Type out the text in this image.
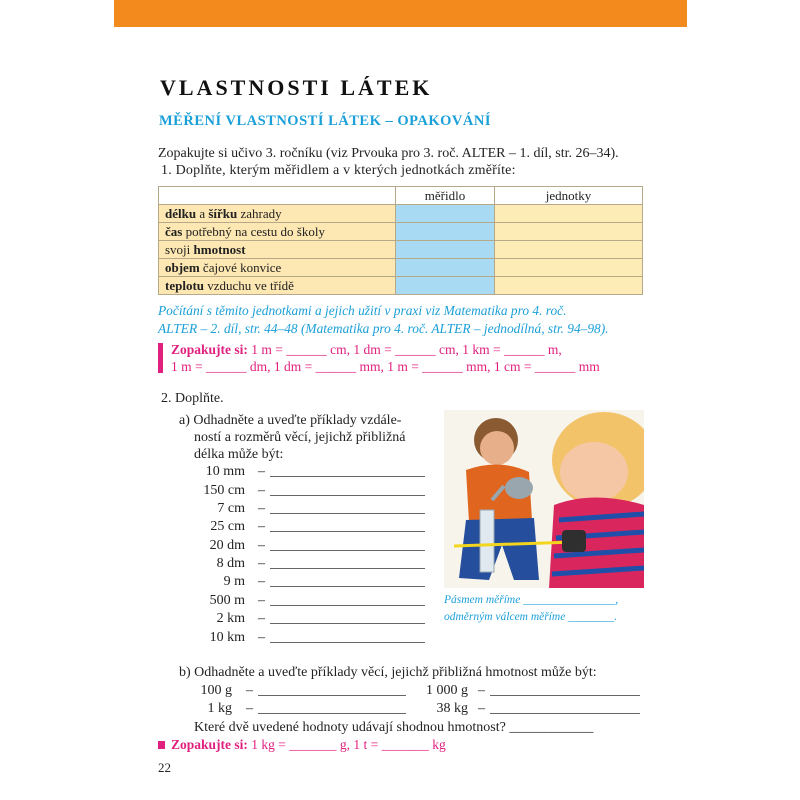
VLASTNOSTI LÁTEK
MĚŘENÍ VLASTNOSTÍ LÁTEK – OPAKOVÁNÍ
Zopakujte si učivo 3. ročníku (viz Prvouka pro 3. roč. ALTER – 1. díl, str. 26–34).
1. Doplňte, kterým měřidlem a v kterých jednotkách změříte:
	měřidlo	jednotky
délku a šířku zahrady		
čas potřebný na cestu do školy		
svoji hmotnost		
objem čajové konvice		
teplotu vzduchu ve třídě		
Počítání s těmito jednotkami a jejich užití v praxi viz Matematika pro 4. roč.
ALTER – 2. díl, str. 44–48 (Matematika pro 4. roč. ALTER – jednodílná, str. 94–98).
Zopakujte si: 1 m = ______ cm, 1 dm = ______ cm, 1 km = ______ m,
1 m = ______ dm, 1 dm = ______ mm, 1 m = ______ mm, 1 cm = ______ mm
2. Doplňte.
a) Odhadněte a uveďte příklady vzdále-
ností a rozměrů věcí, jejichž přibližná
délka může být:
10 mm –
150 cm –
7 cm –
25 cm –
20 dm –
8 dm –
9 m –
500 m –
2 km –
10 km –
Pásmem měříme ________________,
odměrným válcem měříme ________.
b) Odhadněte a uveďte příklady věcí, jejichž přibližná hmotnost může být:
100 g –	1 000 g –
1 kg –	38 kg –
Které dvě uvedené hodnoty udávají shodnou hmotnost? ____________
Zopakujte si: 1 kg = _______ g, 1 t = _______ kg
22
